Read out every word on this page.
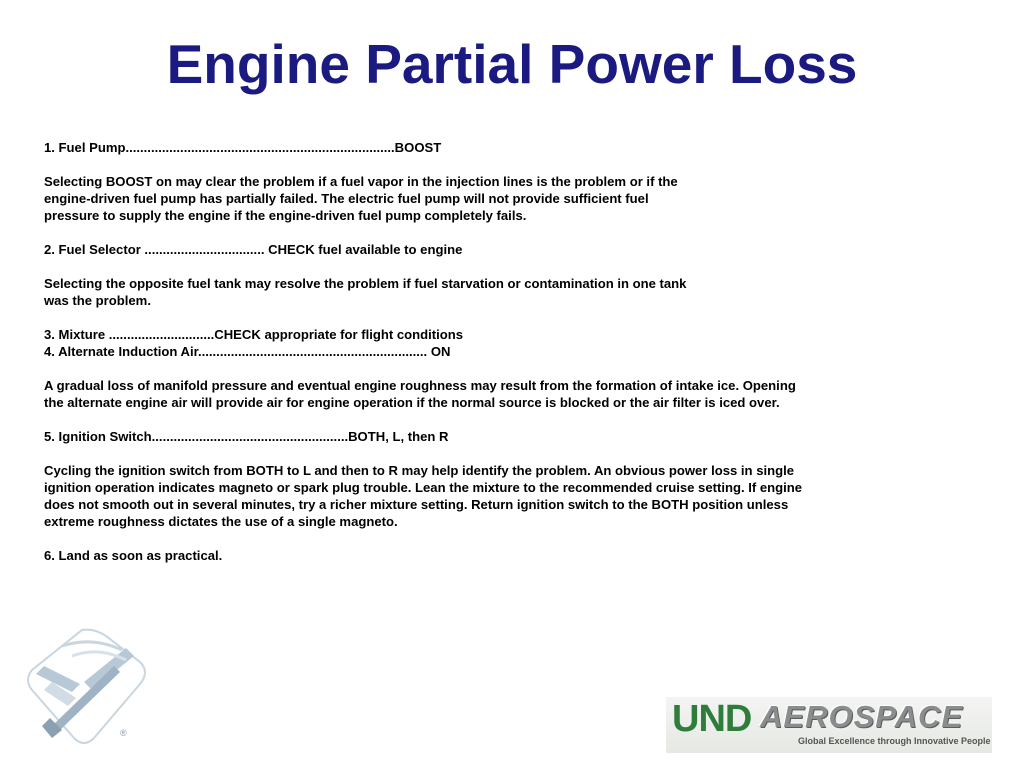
Engine Partial Power Loss
1. Fuel Pump..........................................................................BOOST
Selecting BOOST on may clear the problem if a fuel vapor in the injection lines is the problem or if the
engine-driven fuel pump has partially failed. The electric fuel pump will not provide sufficient fuel
pressure to supply the engine if the engine-driven fuel pump completely fails.
2. Fuel Selector ................................. CHECK fuel available to engine
Selecting the opposite fuel tank may resolve the problem if fuel starvation or contamination in one tank
was the problem.
3. Mixture .............................CHECK appropriate for flight conditions
4. Alternate Induction Air............................................................... ON
A gradual loss of manifold pressure and eventual engine roughness may result from the formation of intake ice. Opening
the alternate engine air will provide air for engine operation if the normal source is blocked or the air filter is iced over.
5. Ignition Switch......................................................BOTH, L, then R
Cycling the ignition switch from BOTH to L and then to R may help identify the problem. An obvious power loss in single
ignition operation indicates magneto or spark plug trouble. Lean the mixture to the recommended cruise setting. If engine
does not smooth out in several minutes, try a richer mixture setting. Return ignition switch to the BOTH position unless
extreme roughness dictates the use of a single magneto.
6. Land as soon as practical.
®	UND AEROSPACE
Global Excellence through Innovative People
